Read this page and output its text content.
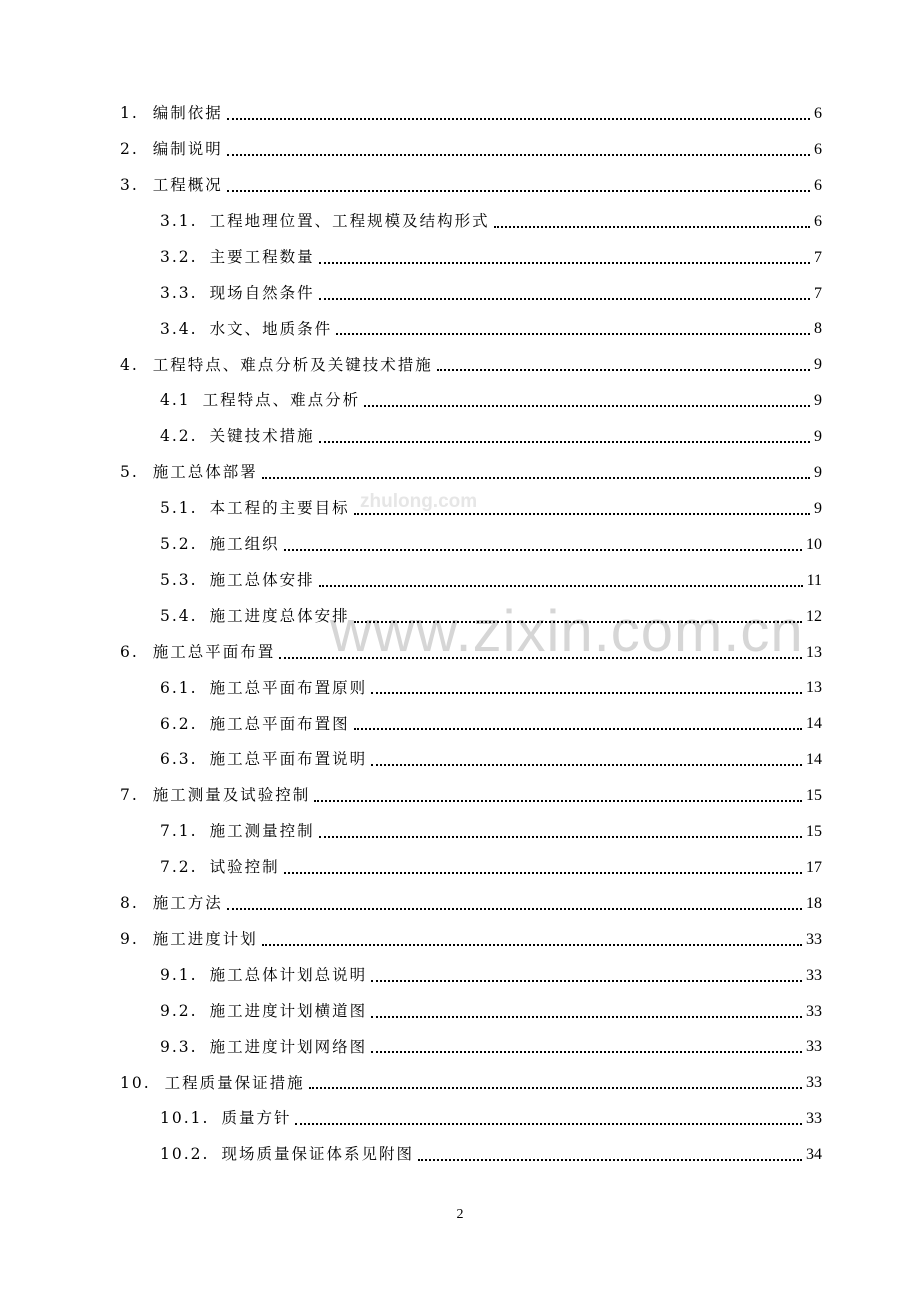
zhulong.com
www.zixin.com.cn
1. 编制依据	6
2. 编制说明	6
3. 工程概况	6
3.1. 工程地理位置、工程规模及结构形式	6
3.2. 主要工程数量	7
3.3. 现场自然条件	7
3.4. 水文、地质条件	8
4. 工程特点、难点分析及关键技术措施	9
4.1 工程特点、难点分析	9
4.2. 关键技术措施	9
5. 施工总体部署	9
5.1. 本工程的主要目标	9
5.2. 施工组织	10
5.3. 施工总体安排	11
5.4. 施工进度总体安排	12
6. 施工总平面布置	13
6.1. 施工总平面布置原则	13
6.2. 施工总平面布置图	14
6.3. 施工总平面布置说明	14
7. 施工测量及试验控制	15
7.1. 施工测量控制	15
7.2. 试验控制	17
8. 施工方法	18
9. 施工进度计划	33
9.1. 施工总体计划总说明	33
9.2. 施工进度计划横道图	33
9.3. 施工进度计划网络图	33
10. 工程质量保证措施	33
10.1. 质量方针	33
10.2. 现场质量保证体系见附图	34
2
